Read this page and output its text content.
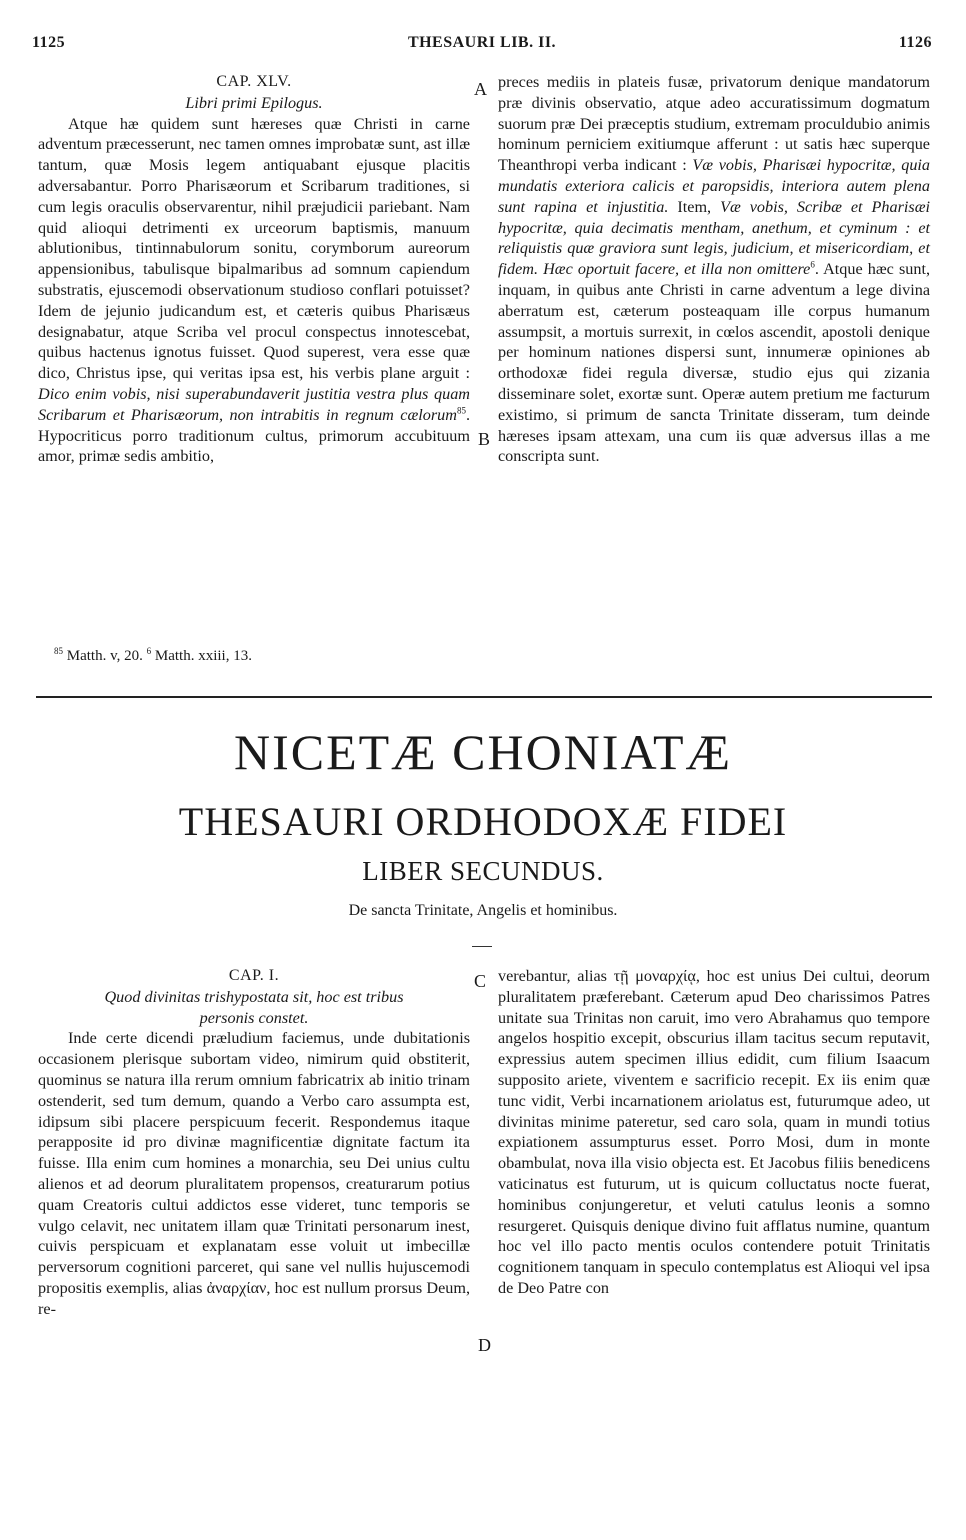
1125	THESAURI LIB. II.	1126

CAP. XLV.

Libri primi Epilogus.

Atque hæ quidem sunt hæreses quæ Christi in carne adventum præcesserunt, nec tamen omnes improbatæ sunt, ast illæ tantum, quæ Mosis legem antiquabant ejusque placitis adversabantur. Porro Pharisæorum et Scribarum traditiones, si cum legis oraculis observarentur, nihil præjudicii pariebant. Nam quid alioqui detrimenti ex urceorum baptismis, manuum ablutionibus, tintinnabulorum sonitu, corymborum aureorum appensionibus, tabulisque bipalmaribus ad somnum capiendum substratis, ejuscemodi observationum studioso conflari potuisset? Idem de jejunio judicandum est, et cæteris quibus Pharisæus designabatur, atque Scriba vel procul conspectus innotescebat, quibus hactenus ignotus fuisset. Quod superest, vera esse quæ dico, Christus ipse, qui veritas ipsa est, his verbis plane arguit : Dico enim vobis, nisi superabundaverit justitia vestra plus quam Scribarum et Pharisæorum, non intrabitis in regnum cælorum$^{85}$. Hypocriticus porro traditionum cultus, primorum accubituum amor, primæ sedis ambitio,

preces mediis in plateis fusæ, privatorum denique mandatorum præ divinis observatio, atque adeo accuratissimum dogmatum suorum præ Dei præceptis studium, extremam proculdubio animis hominum perniciem exitiumque afferunt : ut satis hæc superque Theanthropi verba indicant : Væ vobis, Pharisæi hypocritæ, quia mundatis exteriora calicis et paropsidis, interiora autem plena sunt rapina et injustitia. Item, Væ vobis, Scribæ et Pharisæi hypocritæ, quia decimatis mentham, anethum, et cyminum : et reliquistis quæ graviora sunt legis, judicium, et misericordiam, et fidem. Hæc oportuit facere, et illa non omittere$^6$. Atque hæc sunt, inquam, in quibus ante Christi in carne adventum a lege divina aberratum est, cæterum posteaquam ille corpus humanum assumpsit, a mortuis surrexit, in cœlos ascendit, apostoli denique per hominum nationes dispersi sunt, innumeræ opiniones ab orthodoxæ fidei regula diversæ, studio ejus qui zizania disseminare solet, exortæ sunt. Operæ autem pretium me facturum existimo, si primum de sancta Trinitate disseram, tum deinde hæreses ipsam attexam, una cum iis quæ adversus illas a me conscripta sunt.

A
B
$^{85}$ Matth. v, 20. $^6$ Matth. xxiii, 13.
NICETÆ CHONIATÆ
THESAURI ORDHODOXÆ FIDEI
LIBER SECUNDUS.
De sancta Trinitate, Angelis et hominibus.

CAP. I.

Quod divinitas trishypostata sit, hoc est tribus personis constet.

Inde certe dicendi præludium faciemus, unde dubitationis occasionem plerisque subortam video, nimirum quid obstiterit, quominus se natura illa rerum omnium fabricatrix ab initio trinam ostenderit, sed tum demum, quando a Verbo caro assumpta est, idipsum sibi placere perspicuum fecerit. Respondemus itaque perapposite id pro divinæ magnificentiæ dignitate factum ita fuisse. Illa enim cum homines a monarchia, seu Dei unius cultu alienos et ad deorum pluralitatem propensos, creaturarum potius quam Creatoris cultui addictos esse videret, tunc temporis se vulgo celavit, nec unitatem illam quæ Trinitati personarum inest, cuivis perspicuam et explanatam esse voluit ut imbecillæ perversorum cognitioni parceret, qui sane vel nullis hujuscemodi propositis exemplis, alias ἀναρχίαν, hoc est nullum prorsus Deum, re-

verebantur, alias τῇ μοναρχίᾳ, hoc est unius Dei cultui, deorum pluralitatem præferebant. Cæterum apud Deo charissimos Patres unitate sua Trinitas non caruit, imo vero Abrahamus quo tempore angelos hospitio excepit, obscurius illam tacitus secum reputavit, expressius autem specimen illius edidit, cum filium Isaacum supposito ariete, viventem e sacrificio recepit. Ex iis enim quæ tunc vidit, Verbi incarnationem ariolatus est, futurumque adeo, ut divinitas minime pateretur, sed caro sola, quam in mundi totius expiationem assumpturus esset. Porro Mosi, dum in monte obambulat, nova illa visio objecta est. Et Jacobus filiis benedicens vaticinatus est futurum, ut is quicum colluctatus nocte fuerat, hominibus conjungeretur, et veluti catulus leonis a somno resurgeret. Quisquis denique divino fuit afflatus numine, quantum hoc vel illo pacto mentis oculos contendere potuit Trinitatis cognitionem tanquam in speculo contemplatus est Alioqui vel ipsa de Deo Patre con

C
D
